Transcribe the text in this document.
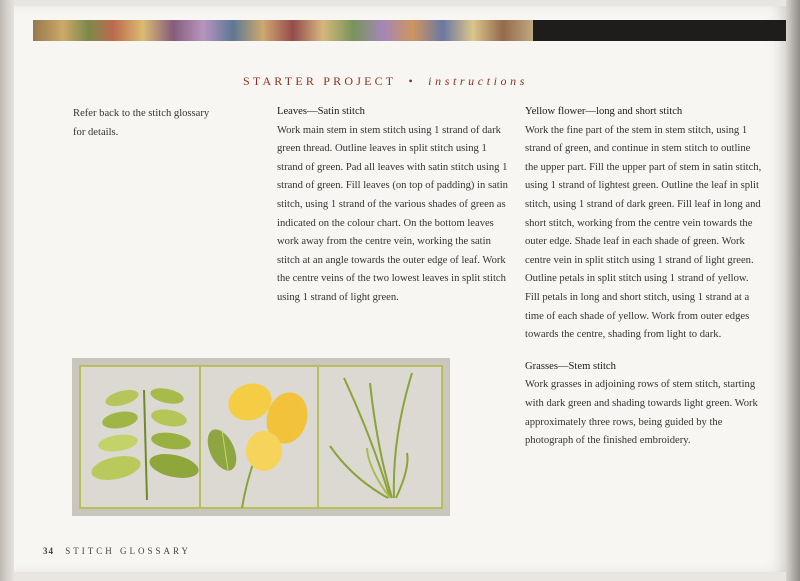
STARTER PROJECT • instructions

Refer back to the stitch glossary for details.

Leaves—Satin stitch

Work main stem in stem stitch using 1 strand of dark green thread. Outline leaves in split stitch using 1 strand of green. Pad all leaves with satin stitch using 1 strand of green. Fill leaves (on top of padding) in satin stitch, using 1 strand of the various shades of green as indicated on the colour chart. On the bottom leaves work away from the centre vein, working the satin stitch at an angle towards the outer edge of leaf. Work the centre veins of the two lowest leaves in split stitch using 1 strand of light green.

Yellow flower—long and short stitch

Work the fine part of the stem in stem stitch, using 1 strand of green, and continue in stem stitch to outline the upper part. Fill the upper part of stem in satin stitch, using 1 strand of lightest green. Outline the leaf in split stitch, using 1 strand of dark green. Fill leaf in long and short stitch, working from the centre vein towards the outer edge. Shade leaf in each shade of green. Work centre vein in split stitch using 1 strand of light green. Outline petals in split stitch using 1 strand of yellow. Fill petals in long and short stitch, using 1 strand at a time of each shade of yellow. Work from outer edges towards the centre, shading from light to dark.

Grasses—Stem stitch

Work grasses in adjoining rows of stem stitch, starting with dark green and shading towards light green. Work approximately three rows, being guided by the photograph of the finished embroidery.

34 STITCH GLOSSARY
